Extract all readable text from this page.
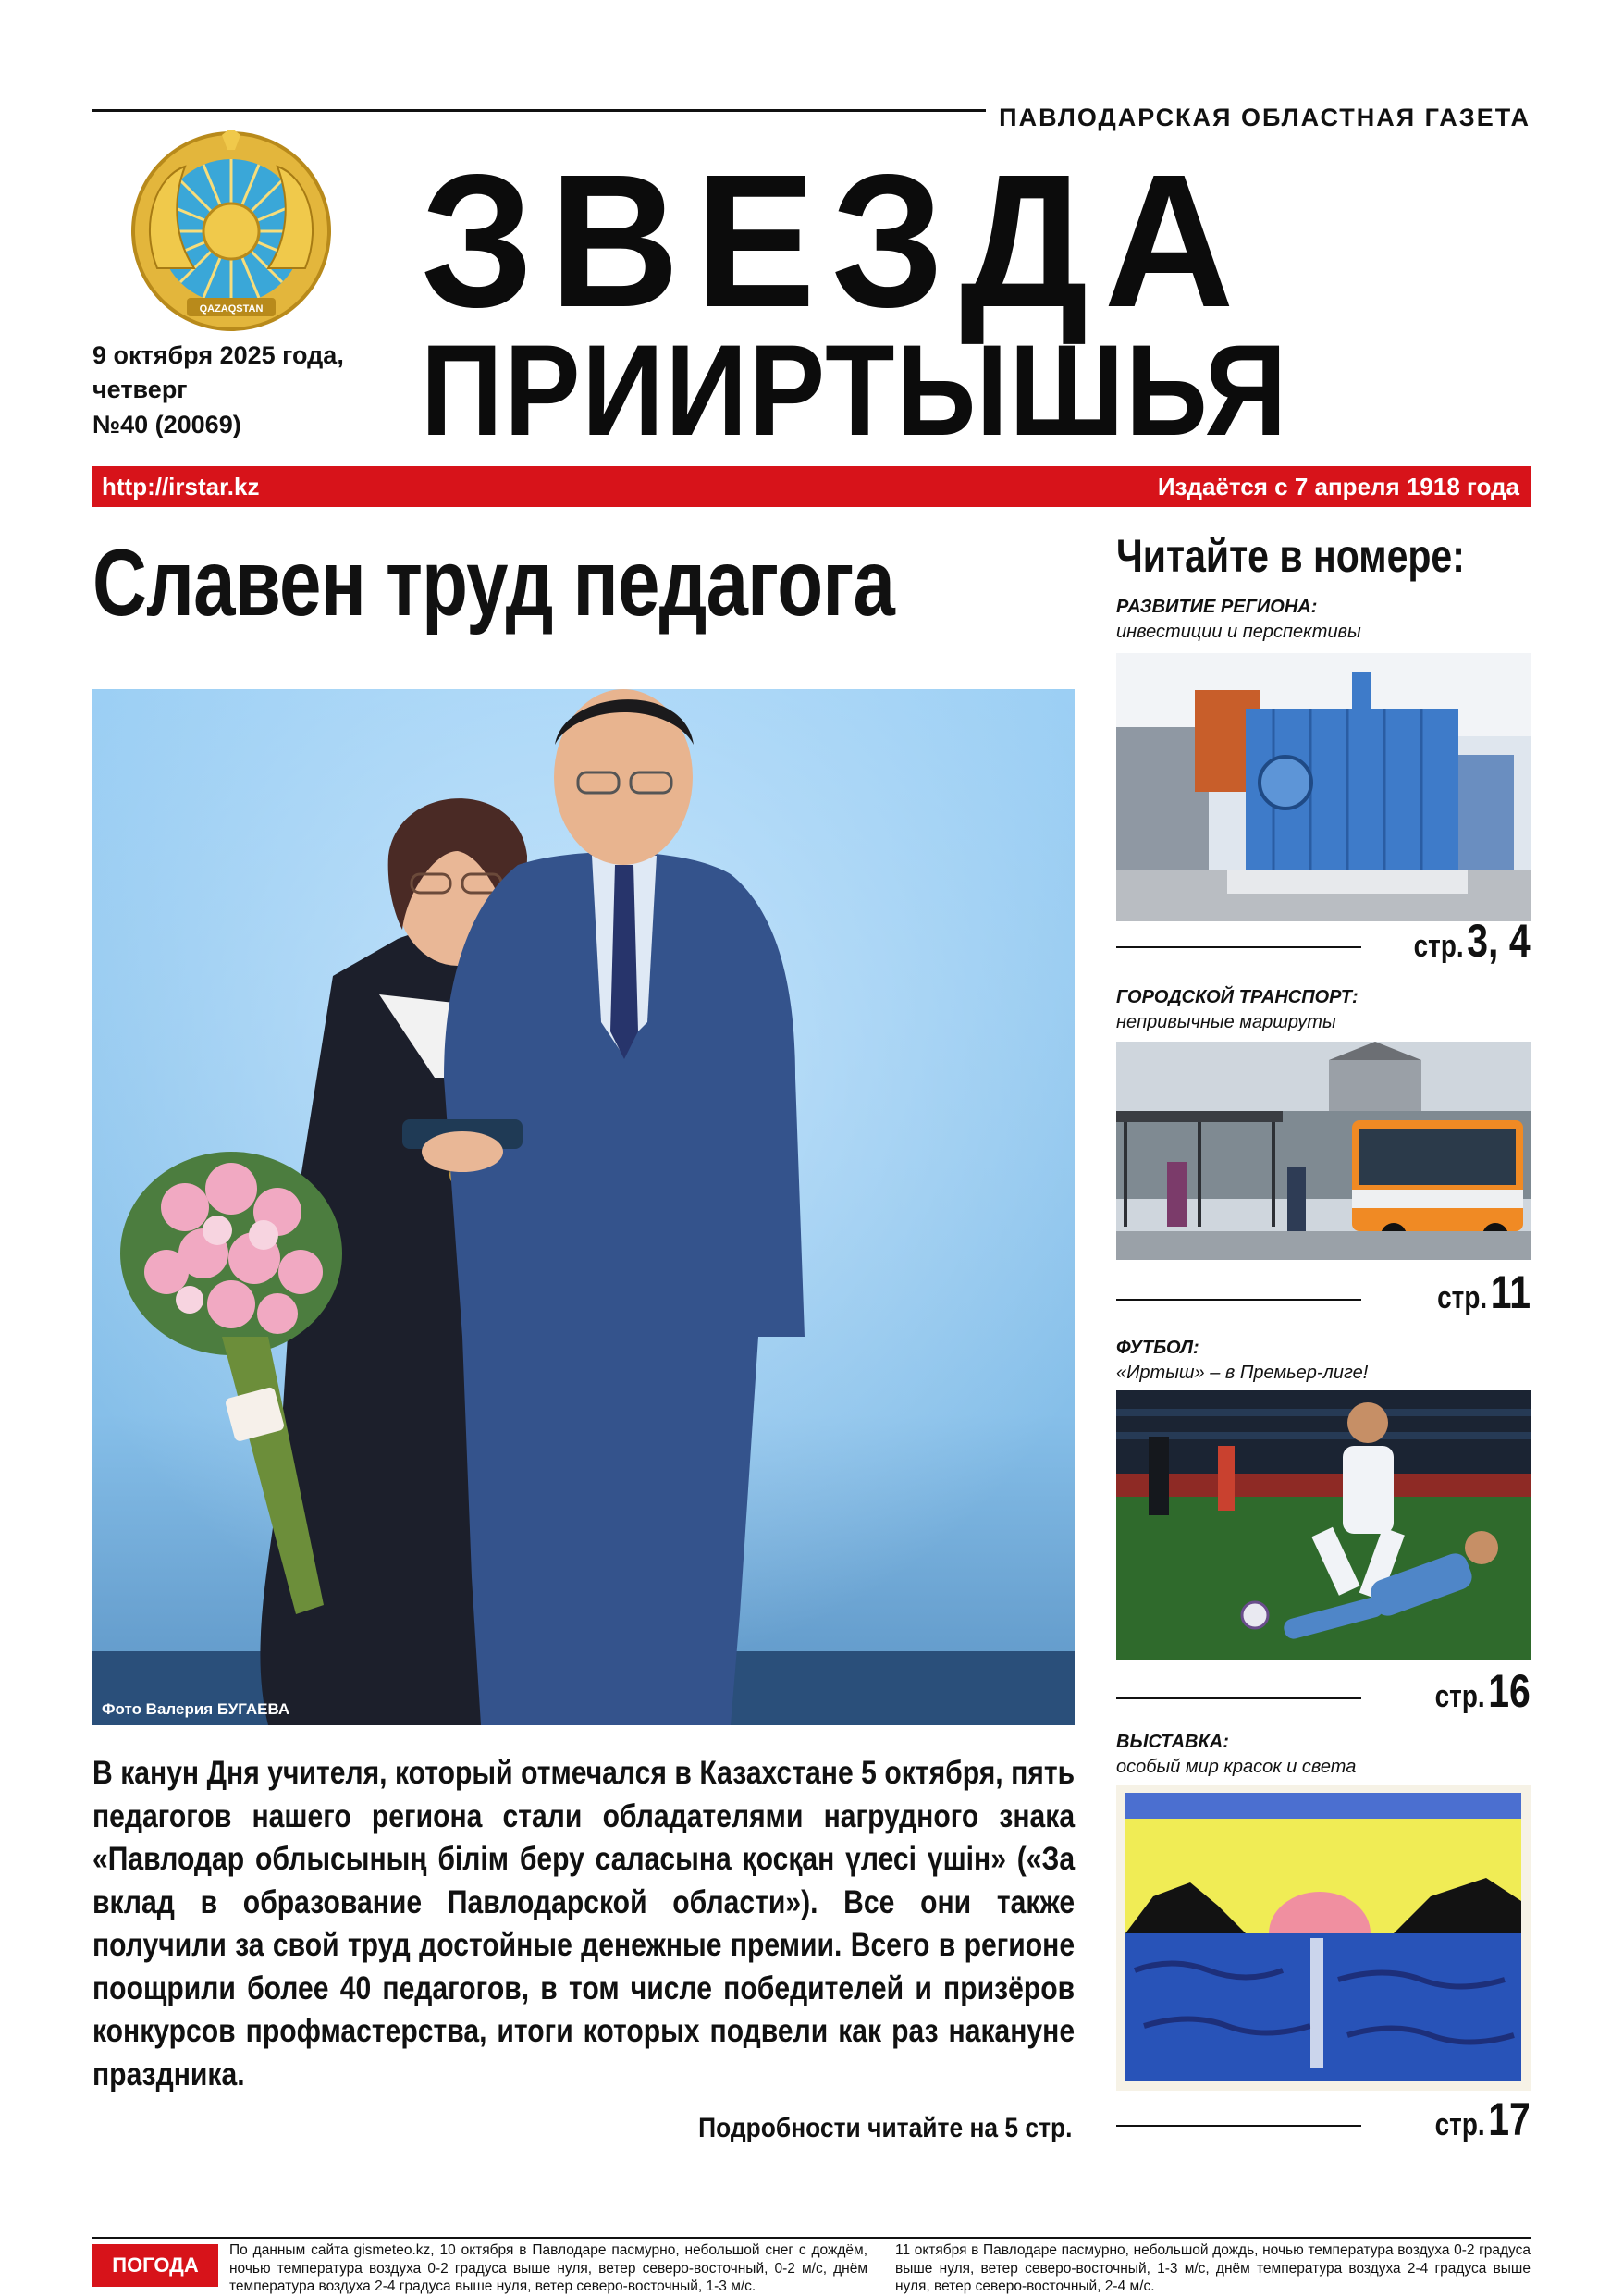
ПАВЛОДАРСКАЯ ОБЛАСТНАЯ ГАЗЕТА
QAZAQSTAN ЗВЕЗДА
ПРИИРТЫШЬЯ
9 октября 2025 года,
четверг
№40 (20069)
http://irstar.kz	Издаётся с 7 апреля 1918 года
Славен труд педагога
Фото Валерия БУГАЕВА
В канун Дня учителя, который отмечался в Казахстане 5 октября, пять педагогов нашего региона стали обладателями нагрудного знака «Павлодар облысының білім беру саласына қосқан үлесі үшін» («За вклад в образование Павлодарской области»). Все они также получили за свой труд достойные денежные премии. Всего в регионе поощрили более 40 педагогов, в том числе победителей и призёров конкурсов профмастерства, итоги которых подвели как раз накануне праздника.
Подробности читайте на 5 стр.
Читайте в номере:
РАЗВИТИЕ РЕГИОНА:
инвестиции и перспективы
стр. 3, 4
ГОРОДСКОЙ ТРАНСПОРТ:
непривычные маршруты
стр. 11
ФУТБОЛ:
«Иртыш» – в Премьер-лиге!
стр. 16
ВЫСТАВКА:
особый мир красок и света
стр. 17
ПОГОДА
По данным сайта gismeteo.kz, 10 октября в Павлодаре пасмурно, небольшой снег с дождём, ночью температура воздуха 0-2 градуса выше нуля, ветер северо-восточный, 0-2 м/с, днём температура воздуха 2-4 градуса выше нуля, ветер северо-восточный, 1-3 м/с.
11 октября в Павлодаре пасмурно, небольшой дождь, ночью температура воздуха 0-2 градуса выше нуля, ветер северо-восточный, 1-3 м/с, днём температура воздуха 2-4 градуса выше нуля, ветер северо-восточный, 2-4 м/с.
